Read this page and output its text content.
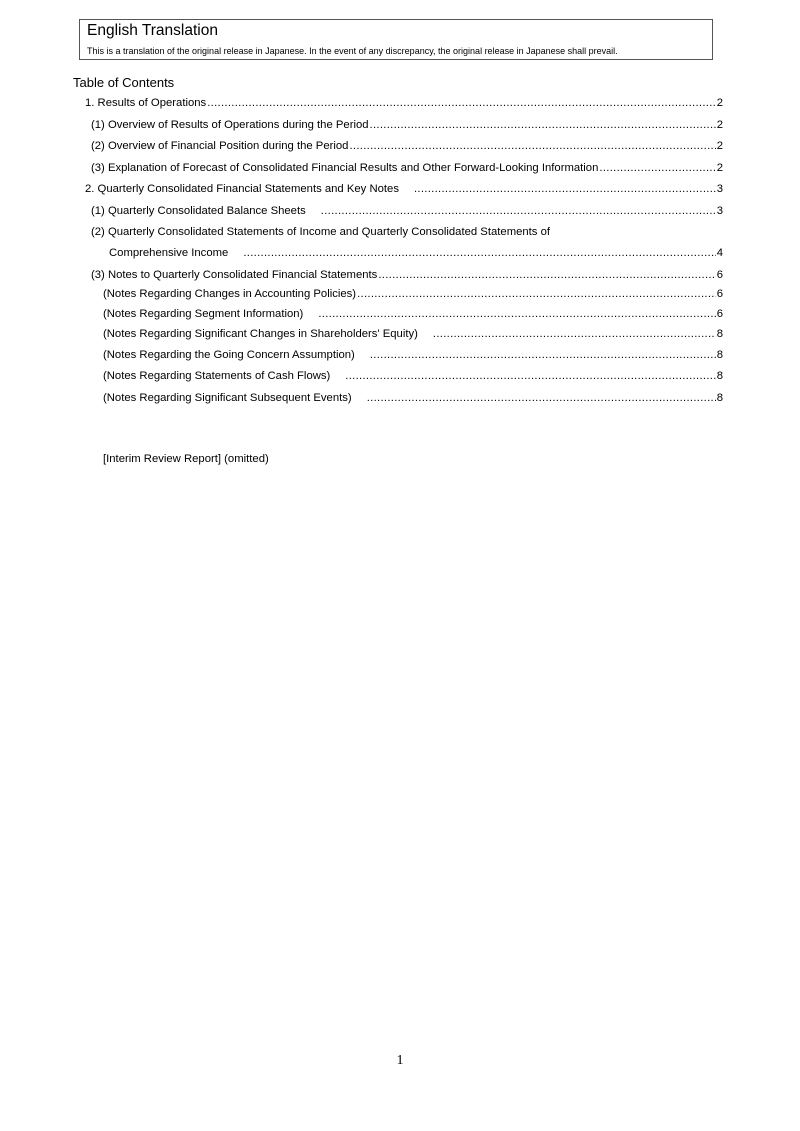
English Translation
This is a translation of the original release in Japanese. In the event of any discrepancy, the original release in Japanese shall prevail.
Table of Contents
1. Results of Operations .....	2
(1) Overview of Results of Operations during the Period .....	2
(2) Overview of Financial Position during the Period .....	2
(3) Explanation of Forecast of Consolidated Financial Results and Other Forward-Looking Information .....	2
2. Quarterly Consolidated Financial Statements and Key Notes .....	3
(1) Quarterly Consolidated Balance Sheets .....	3
(2) Quarterly Consolidated Statements of Income and Quarterly Consolidated Statements of
Comprehensive Income .....	4
(3) Notes to Quarterly Consolidated Financial Statements .....	6
(Notes Regarding Changes in Accounting Policies) .....	6
(Notes Regarding Segment Information) .....	6
(Notes Regarding Significant Changes in Shareholders' Equity) .....	8
(Notes Regarding the Going Concern Assumption) .....	8
(Notes Regarding Statements of Cash Flows) .....	8
(Notes Regarding Significant Subsequent Events) .....	8
[Interim Review Report] (omitted)
1
